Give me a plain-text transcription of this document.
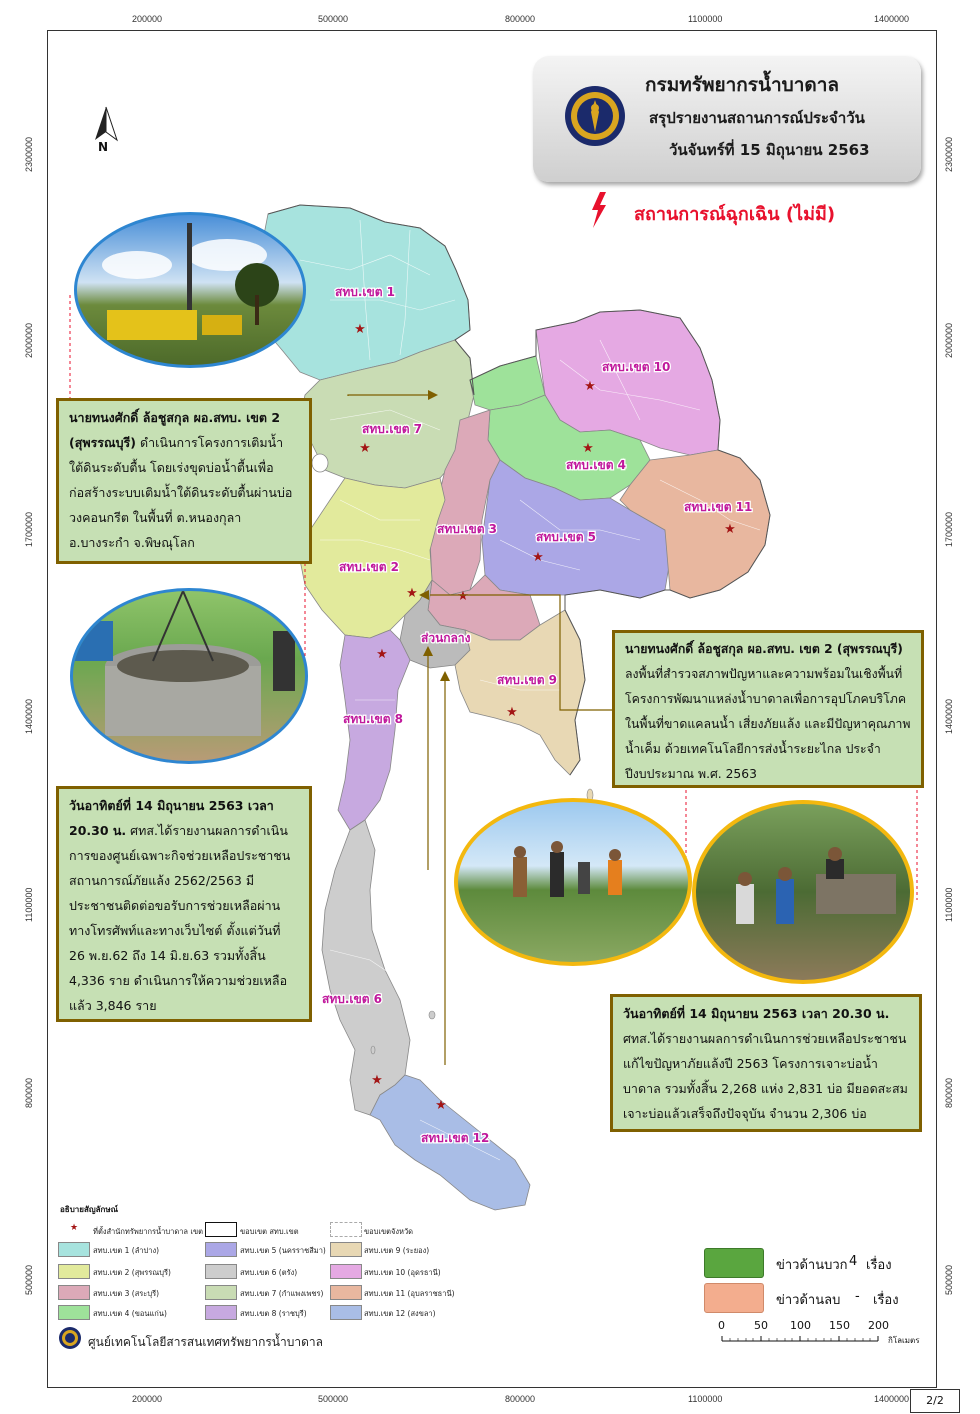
200000	500000	800000	1100000	1400000
200000	500000	800000	1100000	1400000
2300000
2000000
1700000
1400000
1100000
800000
500000
2300000
2000000
1700000
1400000
1100000
800000
500000
★
★
★
★
★
★
★	★
★
★
★
★
สทบ.เขต 1
สทบ.เขต 7
สทบ.เขต 2
สทบ.เขต 3
สทบ.เขต 5
สทบ.เขต 10
สทบ.เขต 4
สทบ.เขต 11
สทบ.เขต 9
ส่วนกลาง
สทบ.เขต 8
สทบ.เขต 6
สทบ.เขต 12
N
กรมทรัพยากรน้ำบาดาล
สรุปรายงานสถานการณ์ประจำวัน
วันจันทร์ที่ 15 มิถุนายน 2563
สถานการณ์ฉุกเฉิน (ไม่มี)
นายทนงศักดิ์ ล้อชูสกุล ผอ.สทบ. เขต 2 (สุพรรณบุรี) ดำเนินการโครงการเติมน้ำใต้ดินระดับตื้น โดยเร่งขุดบ่อน้ำตื้นเพื่อก่อสร้างระบบเติมน้ำใต้ดินระดับตื้นผ่านบ่อวงคอนกรีต ในพื้นที่ ต.หนองกุลา อ.บางระกำ จ.พิษณุโลก
นายทนงศักดิ์ ล้อชูสกุล ผอ.สทบ. เขต 2 (สุพรรณบุรี) ลงพื้นที่สำรวจสภาพปัญหาและความพร้อมในเชิงพื้นที่ โครงการพัฒนาแหล่งน้ำบาดาลเพื่อการอุปโภคบริโภค ในพื้นที่ขาดแคลนน้ำ เสี่ยงภัยแล้ง และมีปัญหาคุณภาพน้ำเค็ม ด้วยเทคโนโลยีการส่งน้ำระยะไกล ประจำปีงบประมาณ พ.ศ. 2563
วันอาทิตย์ที่ 14 มิถุนายน 2563 เวลา 20.30 น. ศทส.ได้รายงานผลการดำเนินการของศูนย์เฉพาะกิจช่วยเหลือประชาชนสถานการณ์ภัยแล้ง 2562/2563 มีประชาชนติดต่อขอรับการช่วยเหลือผ่านทางโทรศัพท์และทางเว็บไซต์ ตั้งแต่วันที่ 26 พ.ย.62 ถึง 14 มิ.ย.63 รวมทั้งสิ้น 4,336 ราย ดำเนินการให้ความช่วยเหลือแล้ว 3,846 ราย
วันอาทิตย์ที่ 14 มิถุนายน 2563 เวลา 20.30 น. ศทส.ได้รายงานผลการดำเนินการช่วยเหลือประชาชนแก้ไขปัญหาภัยแล้งปี 2563 โครงการเจาะบ่อน้ำบาดาล รวมทั้งสิ้น 2,268 แห่ง 2,831 บ่อ มียอดสะสมเจาะบ่อแล้วเสร็จถึงปัจจุบัน จำนวน 2,306 บ่อ
อธิบายสัญลักษณ์
★ ที่ตั้งสำนักทรัพยากรน้ำบาดาล เขต	ขอบเขต สทบ.เขต	ขอบเขตจังหวัด
สทบ.เขต 1 (ลำปาง)
สทบ.เขต 2 (สุพรรณบุรี)
สทบ.เขต 3 (สระบุรี)
สทบ.เขต 4 (ขอนแก่น)
สทบ.เขต 5 (นครราชสีมา)
สทบ.เขต 6 (ตรัง)
สทบ.เขต 7 (กำแพงเพชร)
สทบ.เขต 8 (ราชบุรี)
สทบ.เขต 9 (ระยอง)
สทบ.เขต 10 (อุดรธานี)
สทบ.เขต 11 (อุบลราชธานี)
สทบ.เขต 12 (สงขลา)
ศูนย์เทคโนโลยีสารสนเทศทรัพยากรน้ำบาดาล
ข่าวด้านบวก 4 เรื่อง
ข่าวด้านลบ - เรื่อง
0	50 100 150 200
กิโลเมตร
2/2
